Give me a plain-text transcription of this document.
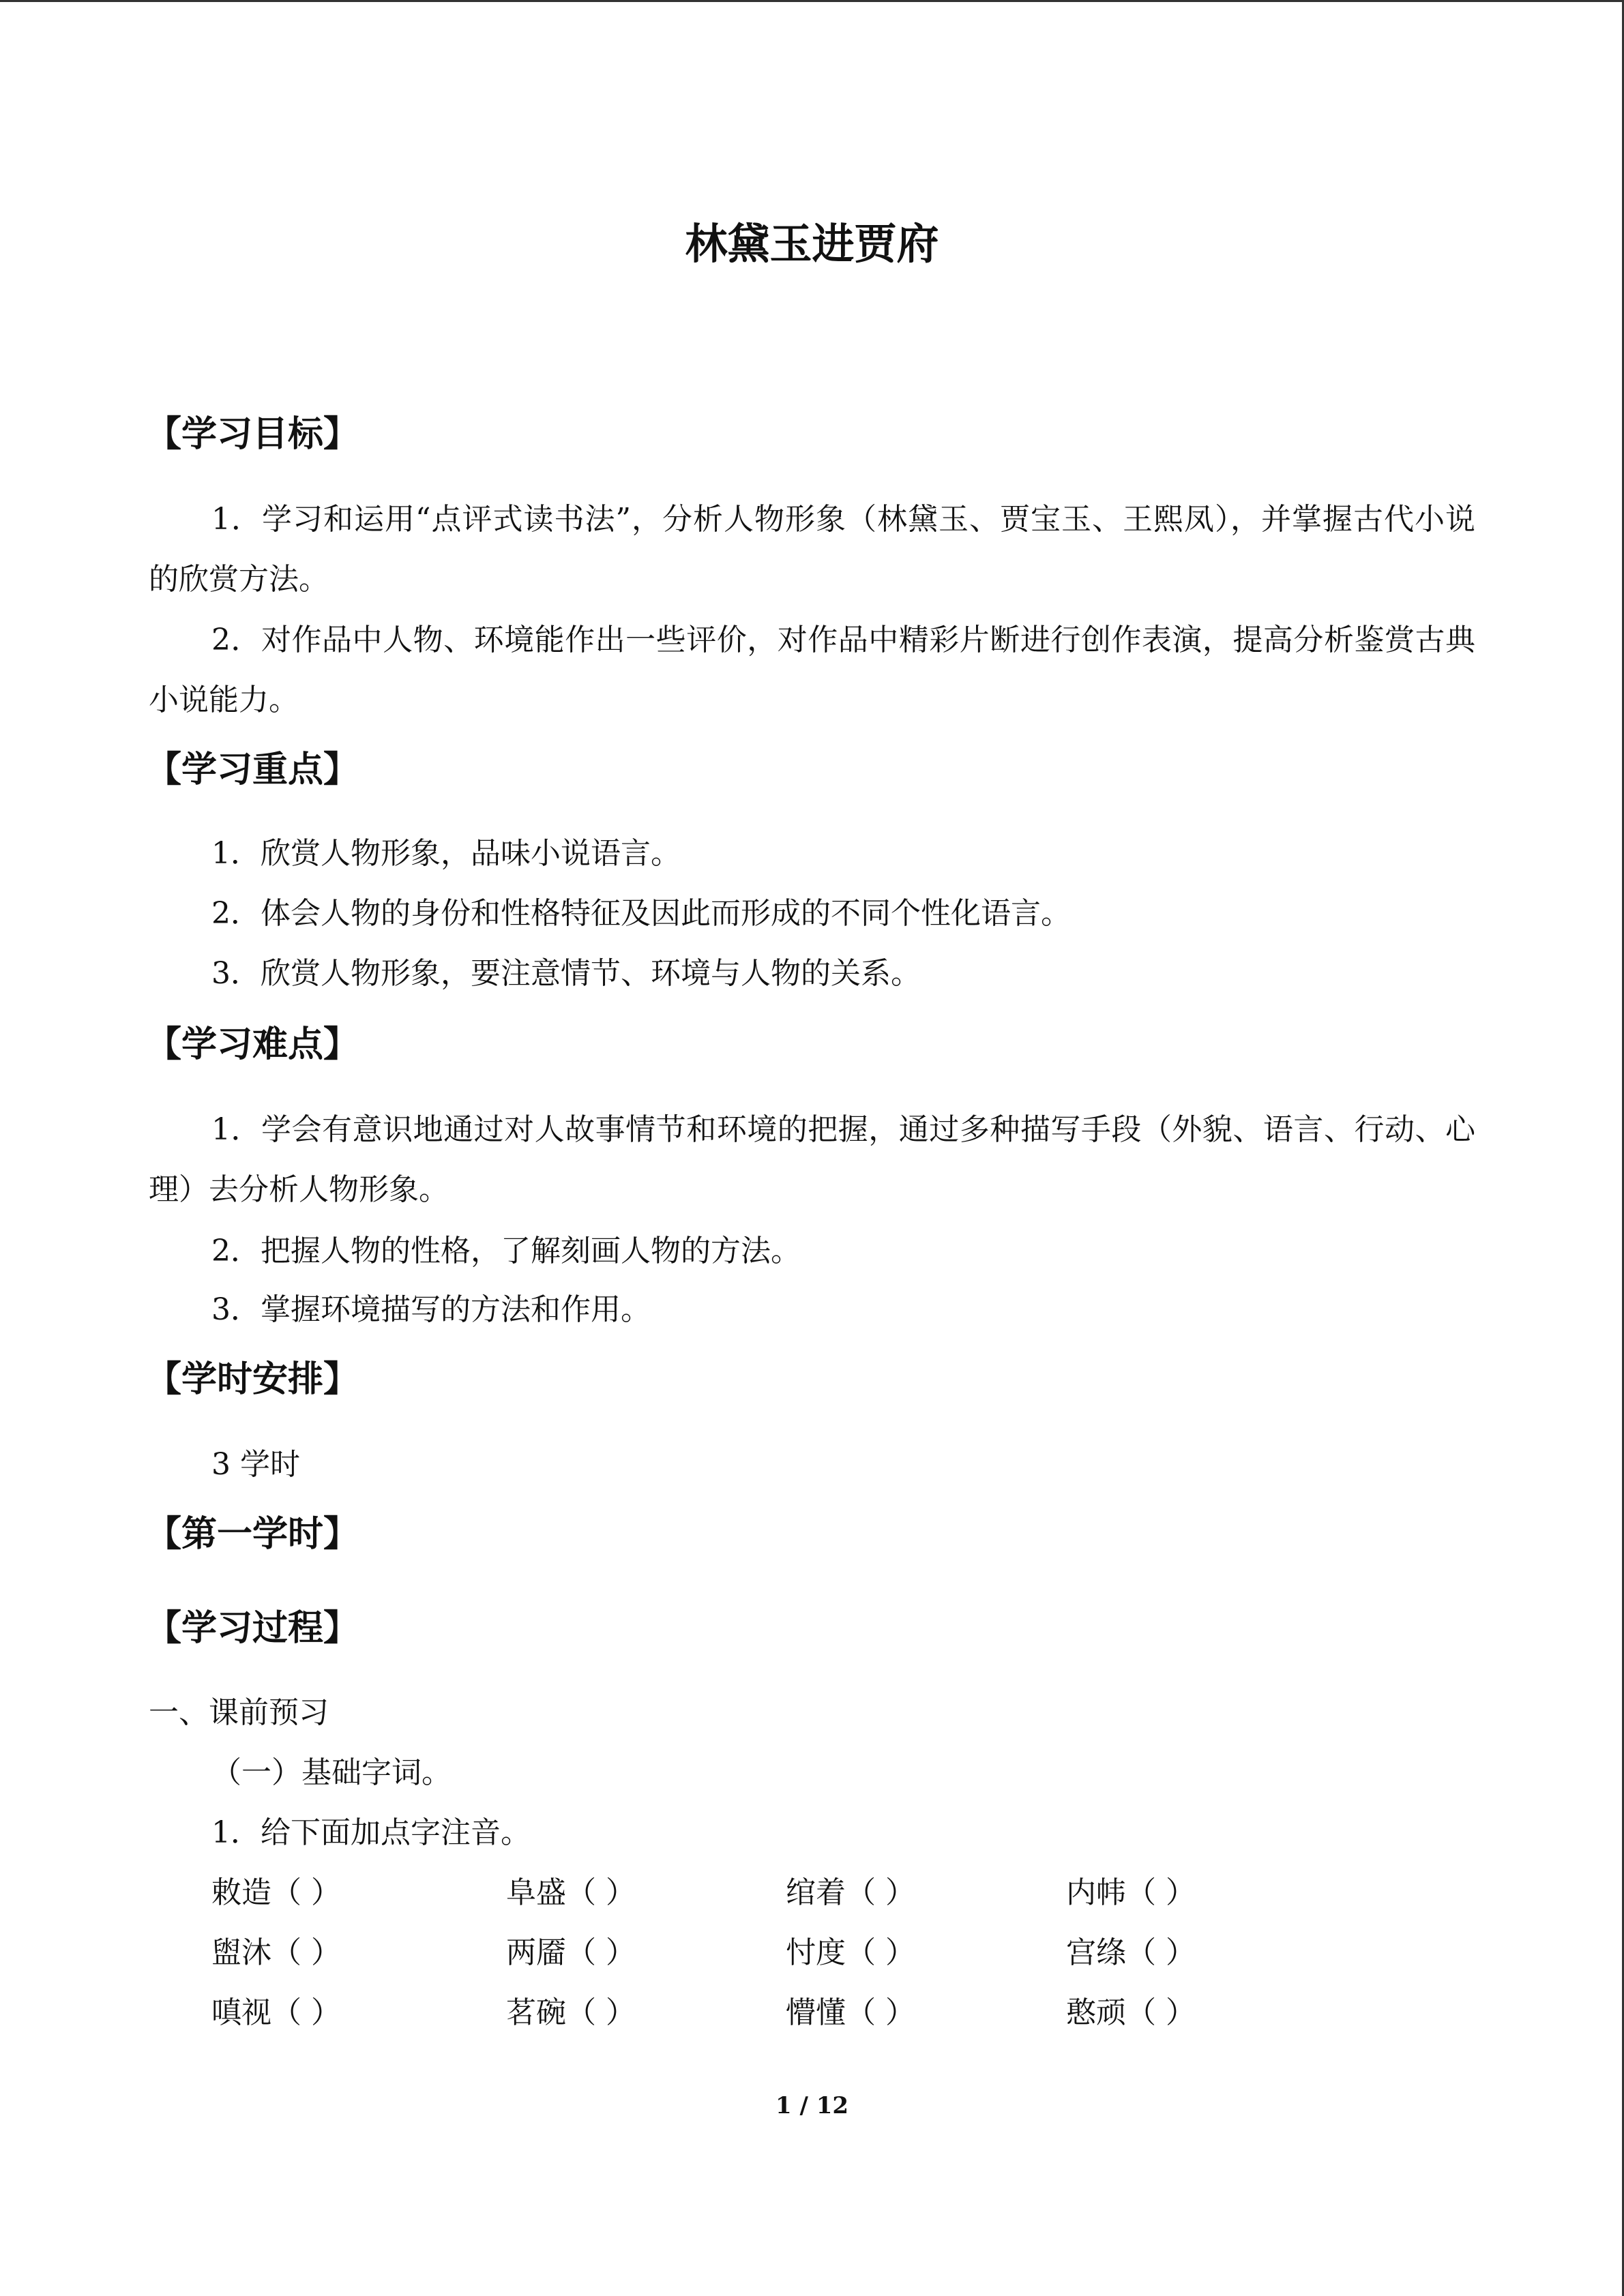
林黛玉进贾府
【学习目标】

1．学习和运用“点评式读书法”，分析人物形象（林黛玉、贾宝玉、王熙凤），并掌握古代小说的欣赏方法。

2．对作品中人物、环境能作出一些评价，对作品中精彩片断进行创作表演，提高分析鉴赏古典小说能力。

【学习重点】
1．欣赏人物形象，品味小说语言。
2．体会人物的身份和性格特征及因此而形成的不同个性化语言。
3．欣赏人物形象，要注意情节、环境与人物的关系。
【学习难点】

1．学会有意识地通过对人故事情节和环境的把握，通过多种描写手段（外貌、语言、行动、心理）去分析人物形象。

2．把握人物的性格，了解刻画人物的方法。
3．掌握环境描写的方法和作用。
【学时安排】
3 学时
【第一学时】
【学习过程】
一、课前预习
（一）基础字词。
1．给下面加点字注音。
敕造（ ）	阜盛（ ）	绾着（ ）	内帏（ ）
盥沐（ ）	两靥（ ）	忖度（ ）	宫绦（ ）
嗔视（ ）	茗碗（ ）	懵懂（ ）	憨顽（ ）
1 / 12
